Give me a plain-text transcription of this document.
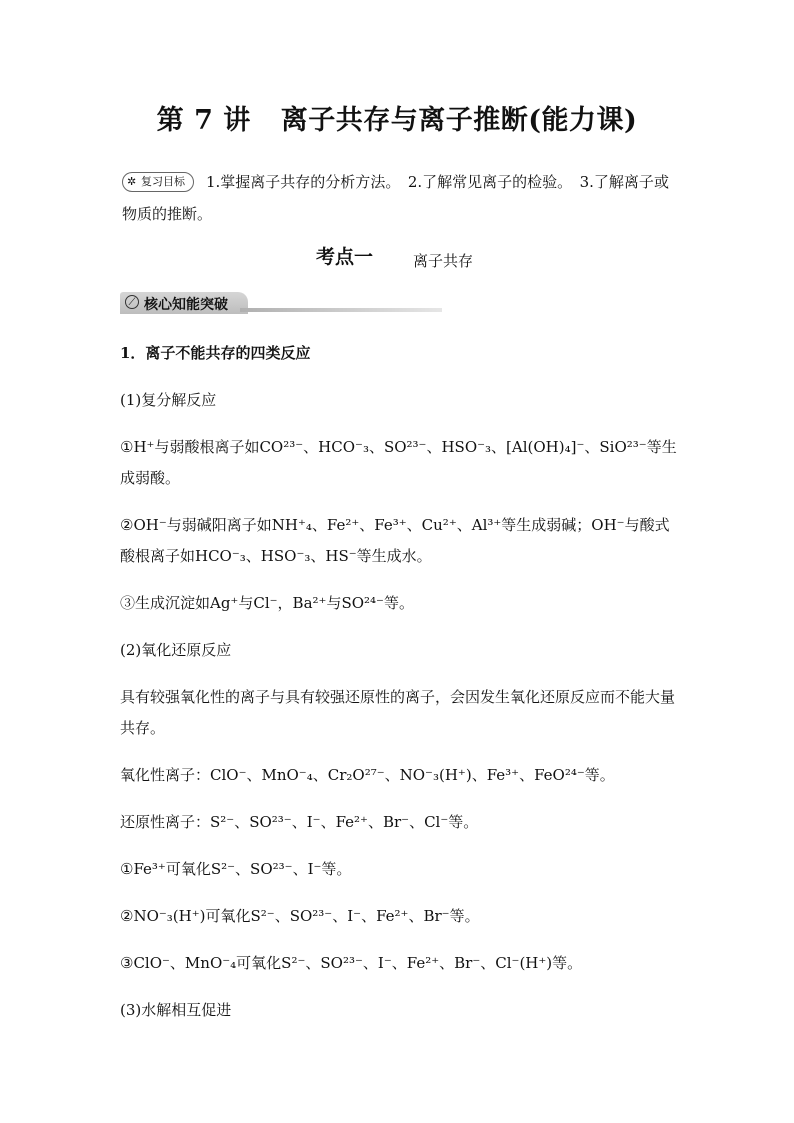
第 7 讲 离子共存与离子推断(能力课)
✲ 复习目标 1.掌握离子共存的分析方法。　2.了解常见离子的检验。　3.了解离子或物质的推断。
考点一	离子共存
⟋ 核心知能突破

1．离子不能共存的四类反应

(1)复分解反应

①H⁺与弱酸根离子如CO²³⁻、HCO⁻₃、SO²³⁻、HSO⁻₃、[Al(OH)₄]⁻、SiO²³⁻等生成弱酸。

②OH⁻与弱碱阳离子如NH⁺₄、Fe²⁺、Fe³⁺、Cu²⁺、Al³⁺等生成弱碱；OH⁻与酸式酸根离子如HCO⁻₃、HSO⁻₃、HS⁻等生成水。

③生成沉淀如Ag⁺与Cl⁻，Ba²⁺与SO²⁴⁻等。

(2)氧化还原反应

具有较强氧化性的离子与具有较强还原性的离子，会因发生氧化还原反应而不能大量共存。

氧化性离子：ClO⁻、MnO⁻₄、Cr₂O²⁷⁻、NO⁻₃(H⁺)、Fe³⁺、FeO²⁴⁻等。

还原性离子：S²⁻、SO²³⁻、I⁻、Fe²⁺、Br⁻、Cl⁻等。

①Fe³⁺可氧化S²⁻、SO²³⁻、I⁻等。

②NO⁻₃(H⁺)可氧化S²⁻、SO²³⁻、I⁻、Fe²⁺、Br⁻等。

③ClO⁻、MnO⁻₄可氧化S²⁻、SO²³⁻、I⁻、Fe²⁺、Br⁻、Cl⁻(H⁺)等。

(3)水解相互促进
